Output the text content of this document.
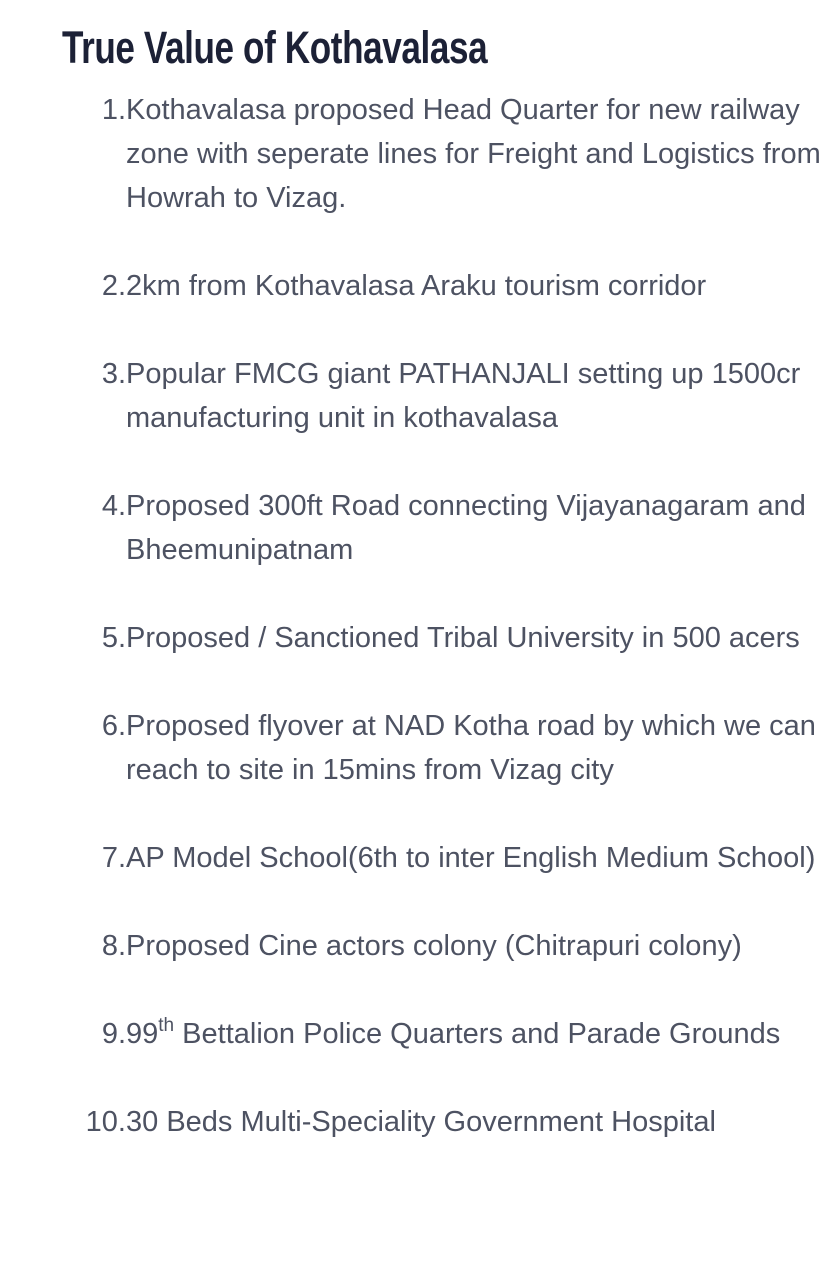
True Value of Kothavalasa
1. Kothavalasa proposed Head Quarter for new railway zone with seperate lines for Freight and Logistics from Howrah to Vizag.
2. 2km from Kothavalasa Araku tourism corridor
3. Popular FMCG giant PATHANJALI setting up 1500cr manufacturing unit in kothavalasa
4. Proposed 300ft Road connecting Vijayanagaram and Bheemunipatnam
5. Proposed / Sanctioned Tribal University in 500 acers
6. Proposed flyover at NAD Kotha road by which we can reach to site in 15mins from Vizag city
7. AP Model School(6th to inter English Medium School)
8. Proposed Cine actors colony (Chitrapuri colony)
9. 99th Bettalion Police Quarters and Parade Grounds
10. 30 Beds Multi-Speciality Government Hospital
